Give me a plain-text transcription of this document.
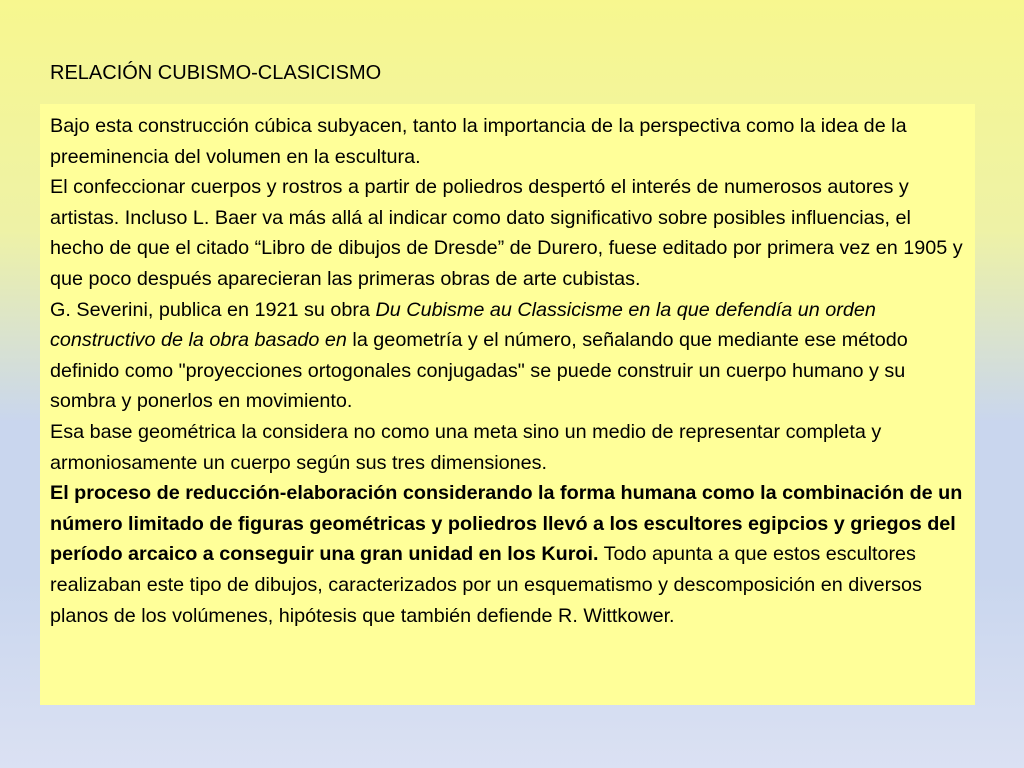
RELACIÓN CUBISMO-CLASICISMO

Bajo esta construcción cúbica subyacen, tanto la importancia de la perspectiva como la idea de la preeminencia del volumen en la escultura.

El confeccionar cuerpos y rostros a partir de poliedros despertó el interés de numerosos autores y artistas. Incluso L. Baer va más allá al indicar como dato significativo sobre posibles influencias, el hecho de que el citado “Libro de dibujos de Dresde” de Durero, fuese editado por primera vez en 1905 y que poco después aparecieran las primeras obras de arte cubistas.

G. Severini, publica en 1921 su obra Du Cubisme au Classicisme en la que defendía un orden constructivo de la obra basado en la geometría y el número, señalando que mediante ese método definido como "proyecciones ortogonales conjugadas" se puede construir un cuerpo humano y su sombra y ponerlos en movimiento.

Esa base geométrica la considera no como una meta sino un medio de representar completa y armoniosamente un cuerpo según sus tres dimensiones.

El proceso de reducción-elaboración considerando la forma humana como la combinación de un número limitado de figuras geométricas y poliedros llevó a los escultores egipcios y griegos del período arcaico a conseguir una gran unidad en los Kuroi. Todo apunta a que estos escultores realizaban este tipo de dibujos, caracterizados por un esquematismo y descomposición en diversos planos de los volúmenes, hipótesis que también defiende R. Wittkower.
